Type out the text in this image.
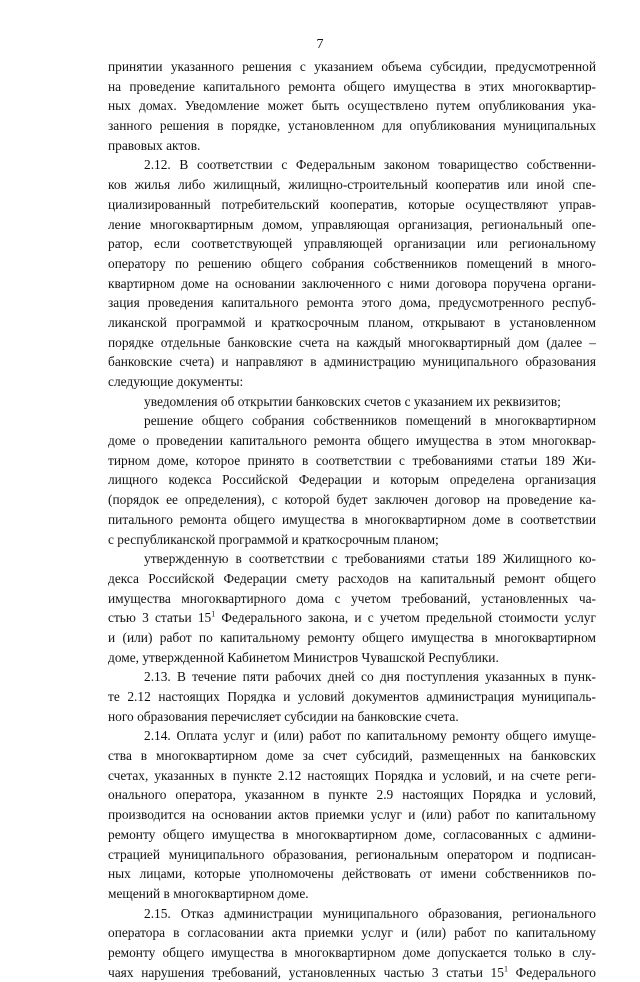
7
принятии указанного решения с указанием объема субсидии, предусмотренной
на проведение капитального ремонта общего имущества в этих многоквартир-
ных домах. Уведомление может быть осуществлено путем опубликования ука-
занного решения в порядке, установленном для опубликования муниципальных
правовых актов.
2.12. В соответствии с Федеральным законом товарищество собственни-
ков жилья либо жилищный, жилищно-строительный кооператив или иной спе-
циализированный потребительский кооператив, которые осуществляют управ-
ление многоквартирным домом, управляющая организация, региональный опе-
ратор, если соответствующей управляющей организации или региональному
оператору по решению общего собрания собственников помещений в много-
квартирном доме на основании заключенного с ними договора поручена органи-
зация проведения капитального ремонта этого дома, предусмотренного респуб-
ликанской программой и краткосрочным планом, открывают в установленном
порядке отдельные банковские счета на каждый многоквартирный дом (далее –
банковские счета) и направляют в администрацию муниципального образования
следующие документы:
уведомления об открытии банковских счетов с указанием их реквизитов;
решение общего собрания собственников помещений в многоквартирном
доме о проведении капитального ремонта общего имущества в этом многоквар-
тирном доме, которое принято в соответствии с требованиями статьи 189 Жи-
лищного кодекса Российской Федерации и которым определена организация
(порядок ее определения), с которой будет заключен договор на проведение ка-
питального ремонта общего имущества в многоквартирном доме в соответствии
с республиканской программой и краткосрочным планом;
утвержденную в соответствии с требованиями статьи 189 Жилищного ко-
декса Российской Федерации смету расходов на капитальный ремонт общего
имущества многоквартирного дома с учетом требований, установленных ча-
стью 3 статьи $15^1$ Федерального закона, и с учетом предельной стоимости услуг
и (или) работ по капитальному ремонту общего имущества в многоквартирном
доме, утвержденной Кабинетом Министров Чувашской Республики.
2.13. В течение пяти рабочих дней со дня поступления указанных в пунк-
те 2.12 настоящих Порядка и условий документов администрация муниципаль-
ного образования перечисляет субсидии на банковские счета.
2.14. Оплата услуг и (или) работ по капитальному ремонту общего имуще-
ства в многоквартирном доме за счет субсидий, размещенных на банковских
счетах, указанных в пункте 2.12 настоящих Порядка и условий, и на счете реги-
онального оператора, указанном в пункте 2.9 настоящих Порядка и условий,
производится на основании актов приемки услуг и (или) работ по капитальному
ремонту общего имущества в многоквартирном доме, согласованных с админи-
страцией муниципального образования, региональным оператором и подписан-
ных лицами, которые уполномочены действовать от имени собственников по-
мещений в многоквартирном доме.
2.15. Отказ администрации муниципального образования, регионального
оператора в согласовании акта приемки услуг и (или) работ по капитальному
ремонту общего имущества в многоквартирном доме допускается только в слу-
чаях нарушения требований, установленных частью 3 статьи $15^1$ Федерального
